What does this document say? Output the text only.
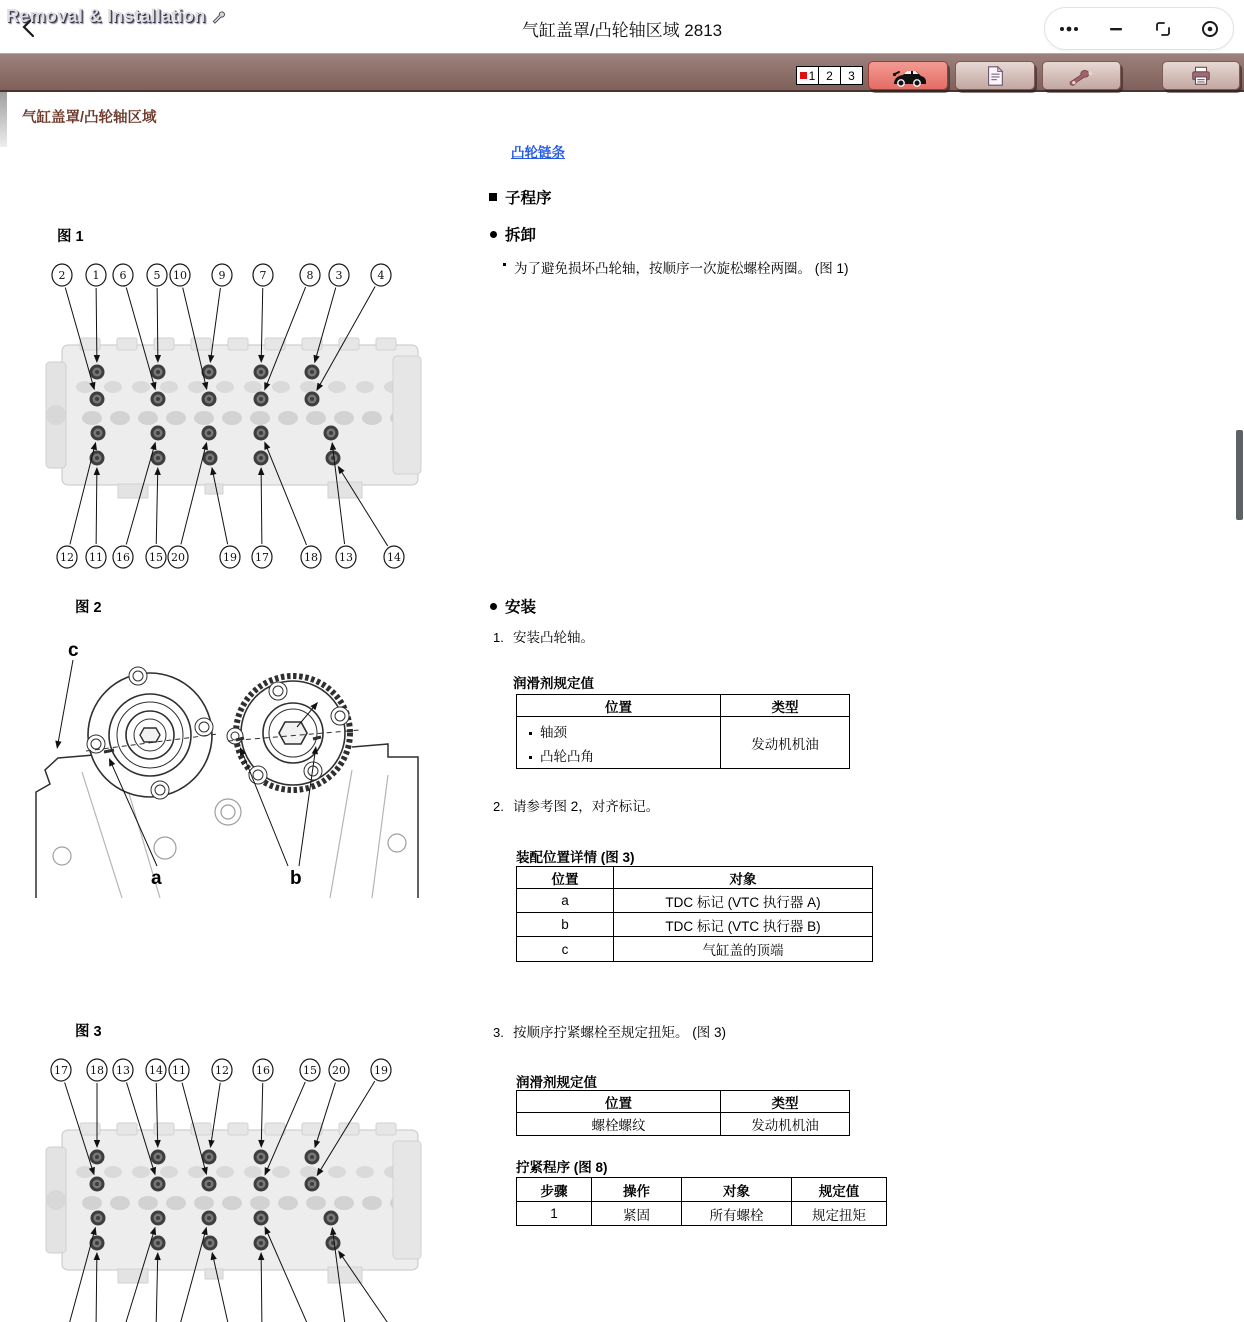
气缸盖罩/凸轮轴区域 2813
Removal & Installation
1 2 3
气缸盖罩/凸轮轴区域
凸轮链条
子程序
拆卸
为了避免损坏凸轮轴，按顺序一次旋松螺栓两圈。 (图 1)
安装
1. 安装凸轮轴。
2. 请参考图 2，对齐标记。
3. 按顺序拧紧螺栓至规定扭矩。 (图 3)
润滑剂规定值
位置	类型

轴颈
凸轮凸角	发动机机油
装配位置详情 (图 3)
位置	对象
a	TDC 标记 (VTC 执行器 A)
b	TDC 标记 (VTC 执行器 B)
c	气缸盖的顶端
润滑剂规定值
位置	类型
螺栓螺纹	发动机机油
拧紧程序 (图 8)
步骤	操作	对象	规定值
1	紧固	所有螺栓	规定扭矩
图 1
图 2
图 3
2 1 6 5 10	9	7	8 3	4
12 11 16 15 20	19 17	18 13	14
c
a	b
17 18 13 14 11	12 16	15 20	19
